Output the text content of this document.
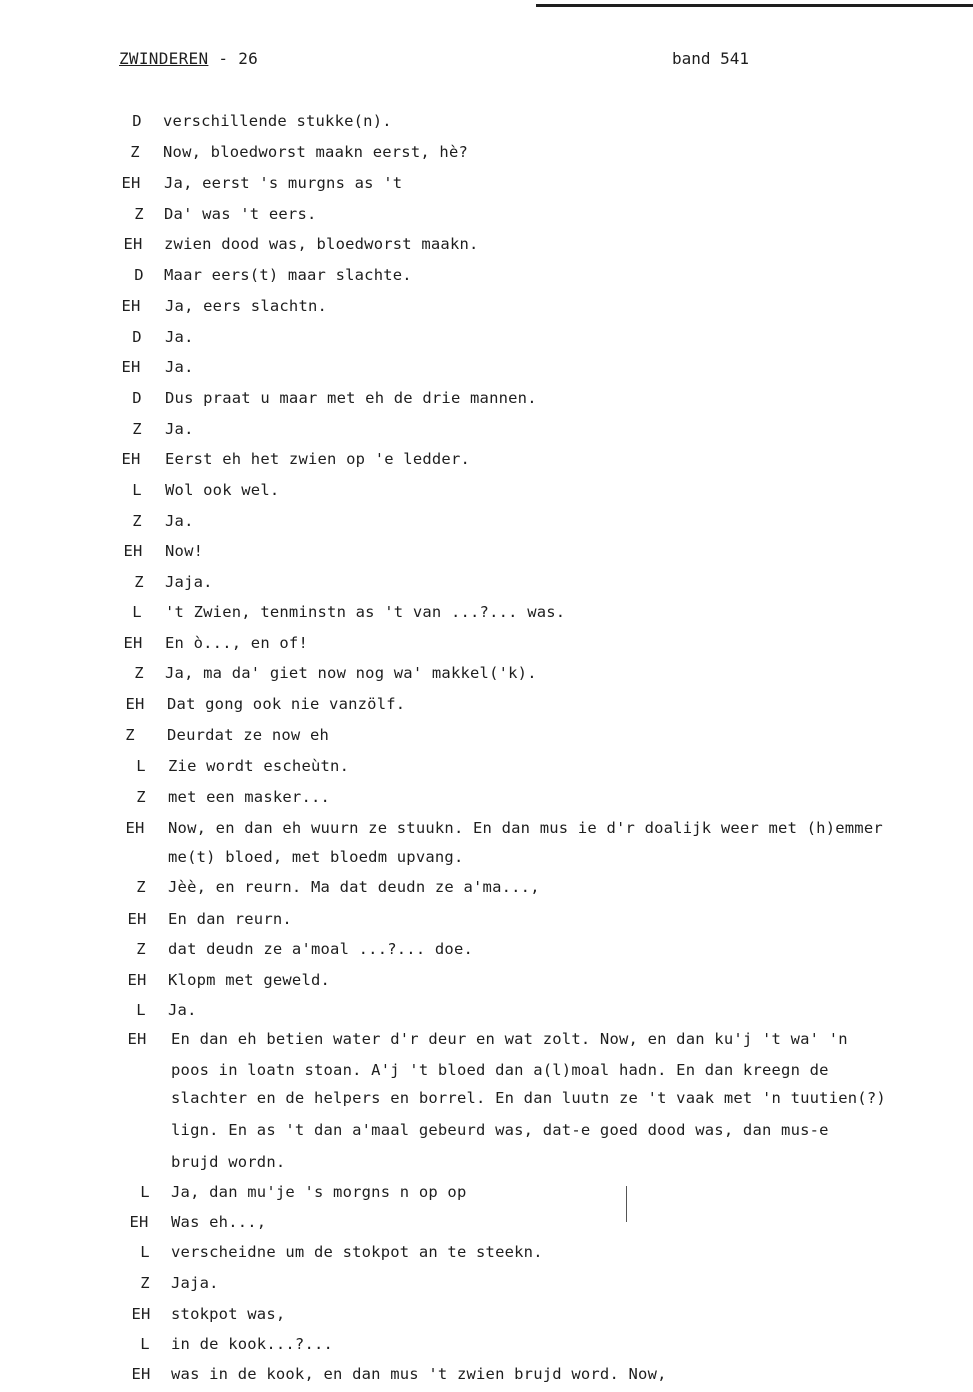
ZWINDEREN - 26	band 541
D	verschillende stukke(n).
Z	Now, bloedworst maakn eerst, hè?
EH	Ja, eerst 's murgns as 't
Z	Da' was 't eers.
EH	zwien dood was, bloedworst maakn.
D	Maar eers(t) maar slachte.
EH	Ja, eers slachtn.
D	Ja.
EH	Ja.
D	Dus praat u maar met eh de drie mannen.
Z	Ja.
EH	Eerst eh het zwien op 'e ledder.
L	Wol ook wel.
Z	Ja.
EH	Now!
Z	Jaja.
L	't Zwien, tenminstn as 't van ...?... was.
EH	En ò..., en of!
Z	Ja, ma da' giet now nog wa' makkel('k).
EH	Dat gong ook nie vanzölf.
Z	Deurdat ze now eh
L	Zie wordt escheùtn.
Z	met een masker...
EH	Now, en dan eh wuurn ze stuukn. En dan mus ie d'r doalijk weer met (h)emmer
me(t) bloed, met bloedm upvang.
Z	Jèè, en reurn. Ma dat deudn ze a'ma...,
EH	En dan reurn.
Z	dat deudn ze a'moal ...?... doe.
EH	Klopm met geweld.
L	Ja.
EH	En dan eh betien water d'r deur en wat zolt. Now, en dan ku'j 't wa' 'n
poos in loatn stoan. A'j 't bloed dan a(l)moal hadn. En dan kreegn de
slachter en de helpers en borrel. En dan luutn ze 't vaak met 'n tuutien(?)
lign. En as 't dan a'maal gebeurd was, dat-e goed dood was, dan mus-e
brujd wordn.
L	Ja, dan mu'je 's morgns n op op
EH	Was eh...,
L	verscheidne um de stokpot an te steekn.
Z	Jaja.
EH	stokpot was,
L	in de kook...?...
EH	was in de kook, en dan mus 't zwien brujd word. Now,
